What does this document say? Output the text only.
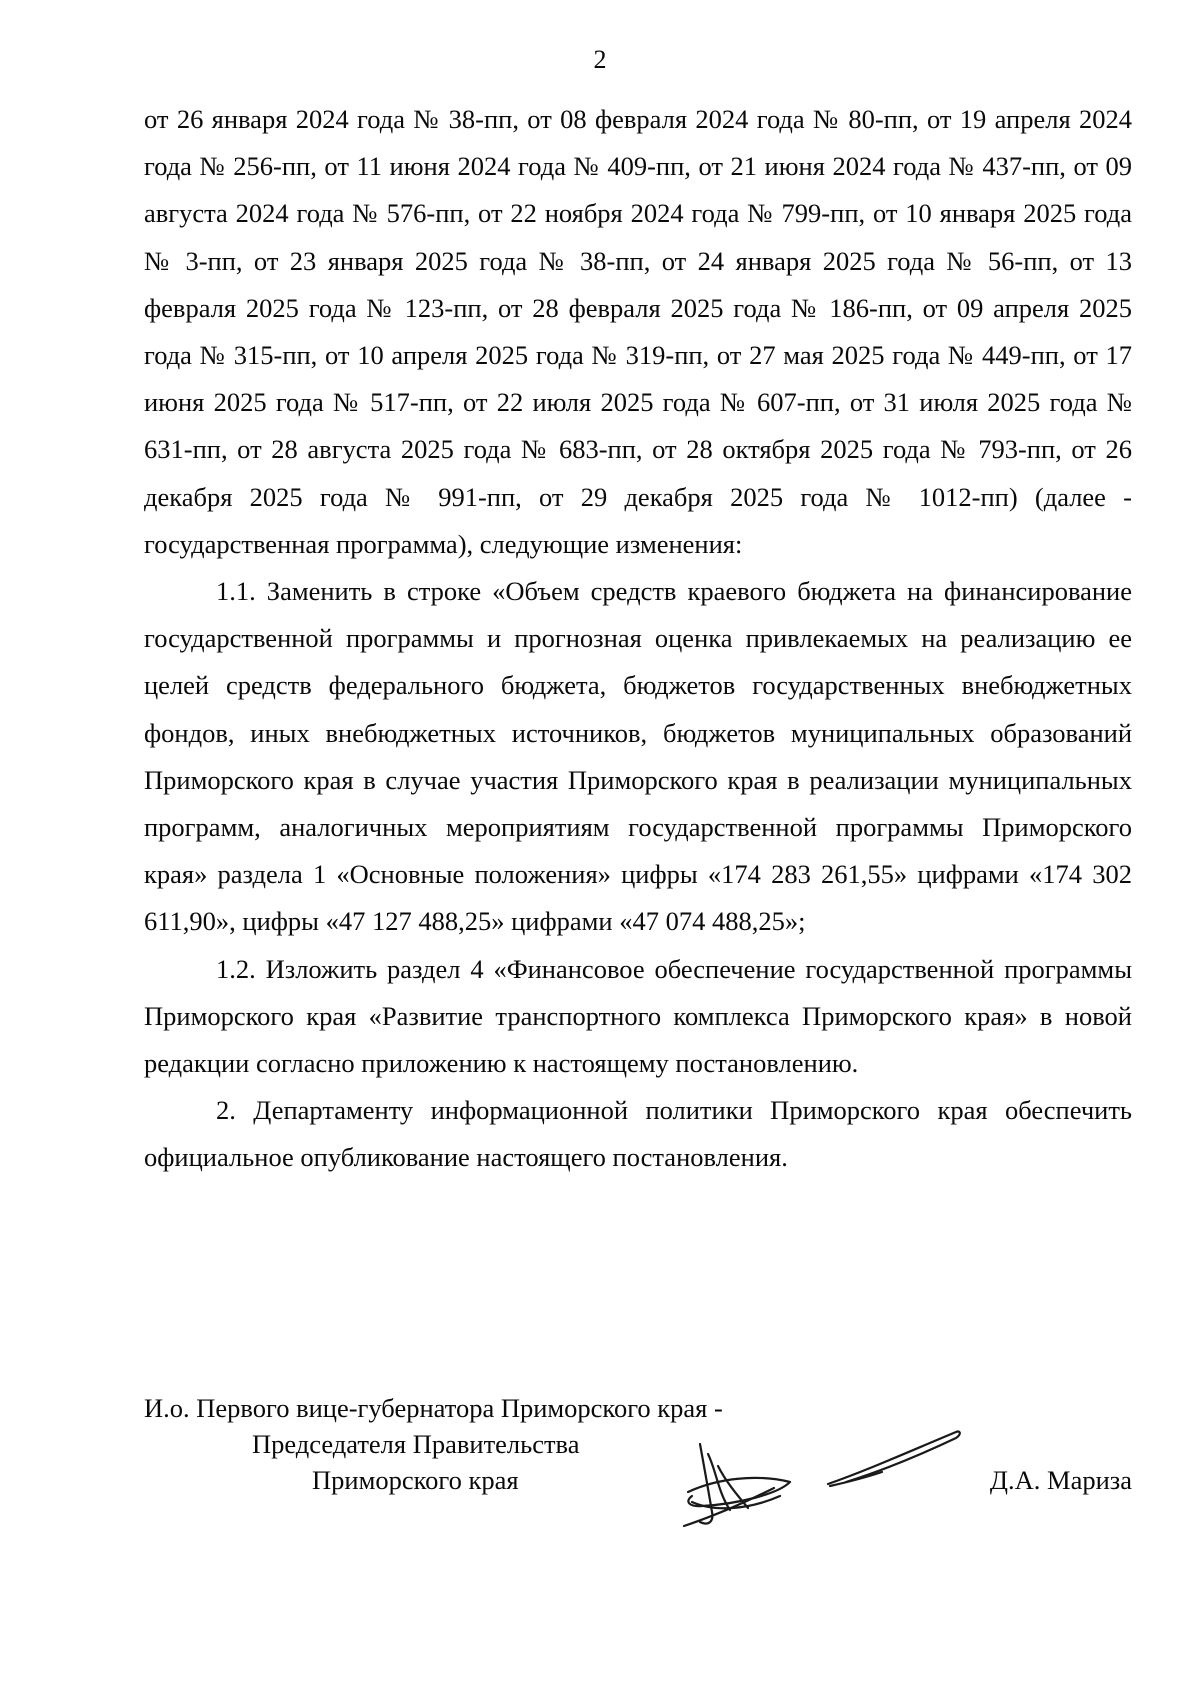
2

от 26 января 2024 года № 38-пп, от 08 февраля 2024 года № 80-пп, от 19 апреля 2024 года № 256-пп, от 11 июня 2024 года № 409-пп, от 21 июня 2024 года № 437-пп, от 09 августа 2024 года № 576-пп, от 22 ноября 2024 года № 799-пп, от 10 января 2025 года № 3-пп, от 23 января 2025 года № 38-пп, от 24 января 2025 года № 56-пп, от 13 февраля 2025 года № 123-пп, от 28 февраля 2025 года № 186-пп, от 09 апреля 2025 года № 315-пп, от 10 апреля 2025 года № 319-пп, от 27 мая 2025 года № 449-пп, от 17 июня 2025 года № 517-пп, от 22 июля 2025 года № 607-пп, от 31 июля 2025 года № 631-пп, от 28 августа 2025 года № 683-пп, от 28 октября 2025 года № 793-пп, от 26 декабря 2025 года № 991-пп, от 29 декабря 2025 года № 1012-пп) (далее - государственная программа), следующие изменения:

1.1. Заменить в строке «Объем средств краевого бюджета на финансирование государственной программы и прогнозная оценка привлекаемых на реализацию ее целей средств федерального бюджета, бюджетов государственных внебюджетных фондов, иных внебюджетных источников, бюджетов муниципальных образований Приморского края в случае участия Приморского края в реализации муниципальных программ, аналогичных мероприятиям государственной программы Приморского края» раздела 1 «Основные положения» цифры «174 283 261,55» цифрами «174 302 611,90», цифры «47 127 488,25» цифрами «47 074 488,25»;

1.2. Изложить раздел 4 «Финансовое обеспечение государственной программы Приморского края «Развитие транспортного комплекса Приморского края» в новой редакции согласно приложению к настоящему постановлению.

2. Департаменту информационной политики Приморского края обеспечить официальное опубликование настоящего постановления.

И.о. Первого вице-губернатора Приморского края -
Председателя Правительства
Приморского края	Д.А. Мариза
